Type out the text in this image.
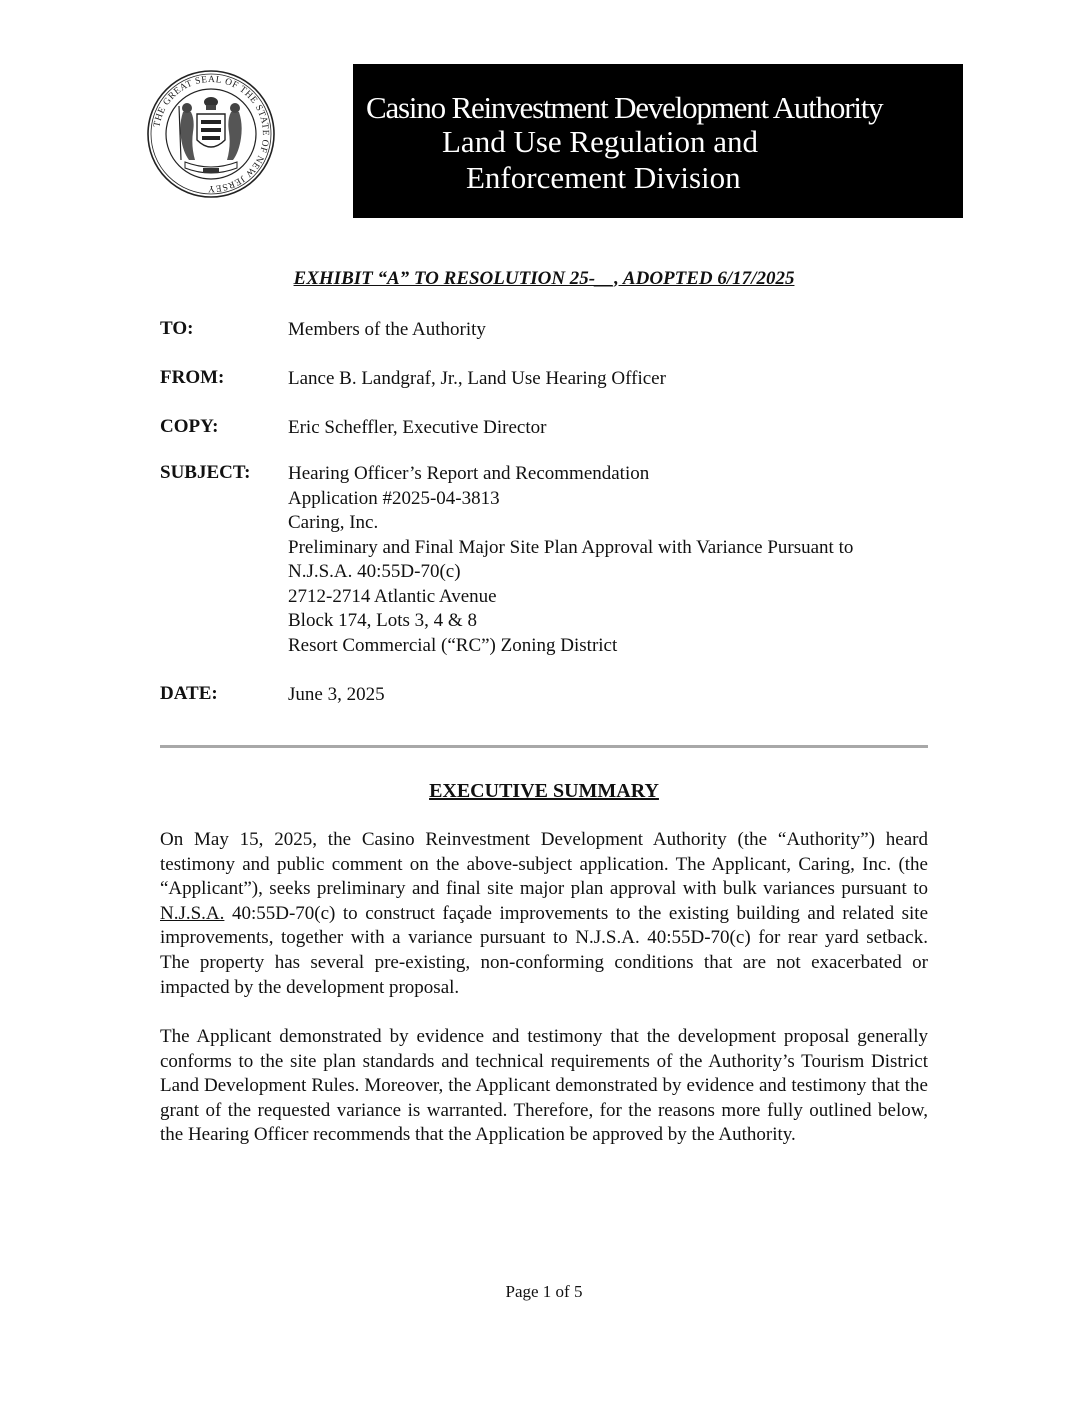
THE GREAT SEAL OF THE STATE OF NEW JERSEY
Casino Reinvestment Development Authority
Land Use Regulation and
Enforcement Division
EXHIBIT “A” TO RESOLUTION 25-__, ADOPTED 6/17/2025
TO:	Members of the Authority
FROM:	Lance B. Landgraf, Jr., Land Use Hearing Officer
COPY:	Eric Scheffler, Executive Director
SUBJECT: Hearing Officer’s Report and Recommendation
Application #2025-04-3813
Caring, Inc.
Preliminary and Final Major Site Plan Approval with Variance Pursuant to
N.J.S.A. 40:55D-70(c)
2712-2714 Atlantic Avenue
Block 174, Lots 3, 4 & 8
Resort Commercial (“RC”) Zoning District
DATE:	June 3, 2025
EXECUTIVE SUMMARY
On May 15, 2025, the Casino Reinvestment Development Authority (the “Authority”) heard testimony and public comment on the above-subject application. The Applicant, Caring, Inc. (the “Applicant”), seeks preliminary and final site major plan approval with bulk variances pursuant to N.J.S.A. 40:55D-70(c) to construct façade improvements to the existing building and related site improvements, together with a variance pursuant to N.J.S.A. 40:55D-70(c) for rear yard setback. The property has several pre-existing, non-conforming conditions that are not exacerbated or impacted by the development proposal.
The Applicant demonstrated by evidence and testimony that the development proposal generally conforms to the site plan standards and technical requirements of the Authority’s Tourism District Land Development Rules. Moreover, the Applicant demonstrated by evidence and testimony that the grant of the requested variance is warranted. Therefore, for the reasons more fully outlined below, the Hearing Officer recommends that the Application be approved by the Authority.
Page 1 of 5
